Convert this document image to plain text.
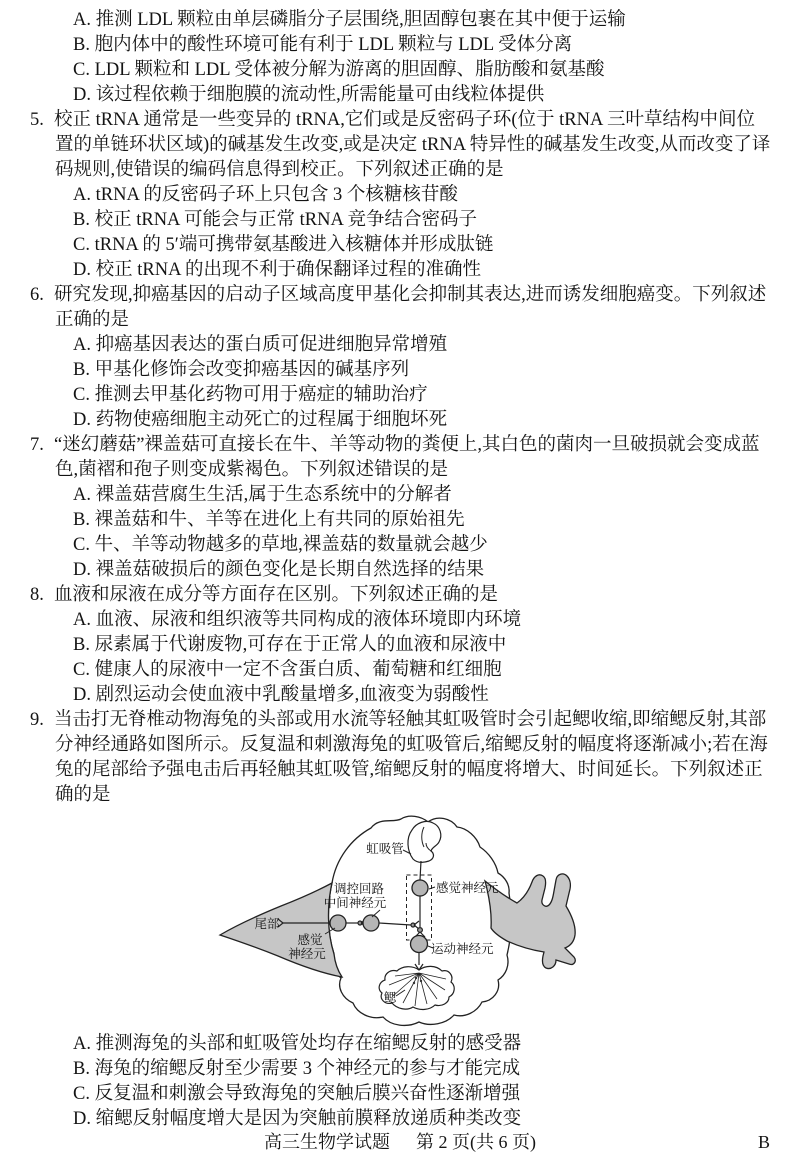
A. 推测 LDL 颗粒由单层磷脂分子层围绕,胆固醇包裹在其中便于运输

B. 胞内体中的酸性环境可能有利于 LDL 颗粒与 LDL 受体分离

C. LDL 颗粒和 LDL 受体被分解为游离的胆固醇、脂肪酸和氨基酸

D. 该过程依赖于细胞膜的流动性,所需能量可由线粒体提供

5. 校正 tRNA 通常是一些变异的 tRNA,它们或是反密码子环(位于 tRNA 三叶草结构中间位置的单链环状区域)的碱基发生改变,或是决定 tRNA 特异性的碱基发生改变,从而改变了译码规则,使错误的编码信息得到校正。下列叙述正确的是

A. tRNA 的反密码子环上只包含 3 个核糖核苷酸

B. 校正 tRNA 可能会与正常 tRNA 竞争结合密码子

C. tRNA 的 5′端可携带氨基酸进入核糖体并形成肽链

D. 校正 tRNA 的出现不利于确保翻译过程的准确性

6. 研究发现,抑癌基因的启动子区域高度甲基化会抑制其表达,进而诱发细胞癌变。下列叙述正确的是

A. 抑癌基因表达的蛋白质可促进细胞异常增殖

B. 甲基化修饰会改变抑癌基因的碱基序列

C. 推测去甲基化药物可用于癌症的辅助治疗

D. 药物使癌细胞主动死亡的过程属于细胞坏死

7. “迷幻蘑菇”裸盖菇可直接长在牛、羊等动物的粪便上,其白色的菌肉一旦破损就会变成蓝色,菌褶和孢子则变成紫褐色。下列叙述错误的是

A. 裸盖菇营腐生生活,属于生态系统中的分解者

B. 裸盖菇和牛、羊等在进化上有共同的原始祖先

C. 牛、羊等动物越多的草地,裸盖菇的数量就会越少

D. 裸盖菇破损后的颜色变化是长期自然选择的结果

8. 血液和尿液在成分等方面存在区别。下列叙述正确的是

A. 血液、尿液和组织液等共同构成的液体环境即内环境

B. 尿素属于代谢废物,可存在于正常人的血液和尿液中

C. 健康人的尿液中一定不含蛋白质、葡萄糖和红细胞

D. 剧烈运动会使血液中乳酸量增多,血液变为弱酸性

9. 当击打无脊椎动物海兔的头部或用水流等轻触其虹吸管时会引起鳃收缩,即缩鳃反射,其部分神经通路如图所示。反复温和刺激海兔的虹吸管后,缩鳃反射的幅度将逐渐减小;若在海兔的尾部给予强电击后再轻触其虹吸管,缩鳃反射的幅度将增大、时间延长。下列叙述正确的是

虹吸管
感觉神经元
调控回路
中间神经元
尾部
感觉
神经元	运动神经元
鳃

A. 推测海兔的头部和虹吸管处均存在缩鳃反射的感受器

B. 海兔的缩鳃反射至少需要 3 个神经元的参与才能完成

C. 反复温和刺激会导致海兔的突触后膜兴奋性逐渐增强

D. 缩鳃反射幅度增大是因为突触前膜释放递质种类改变

高三生物学试题 第 2 页(共 6 页)	B
